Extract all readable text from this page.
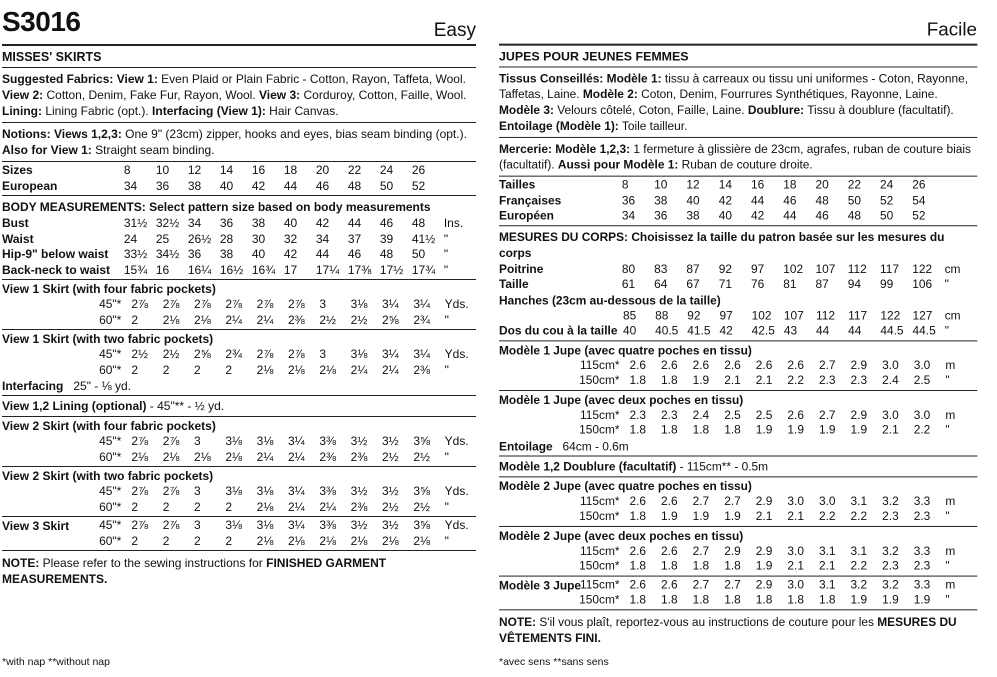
S3016	Easy
MISSES' SKIRTS
Suggested Fabrics: View 1: Even Plaid or Plain Fabric - Cotton, Rayon, Taffeta, Wool. View 2: Cotton, Denim, Fake Fur, Rayon, Wool. View 3: Corduroy, Cotton, Faille, Wool. Lining: Lining Fabric (opt.). Interfacing (View 1): Hair Canvas.
Notions: Views 1,2,3: One 9" (23cm) zipper, hooks and eyes, bias seam binding (opt.). Also for View 1: Straight seam binding.
Sizes	8	10	12	14	16	18	20	22	24	26	
European	34	36	38	40	42	44	46	48	50	52	
BODY MEASUREMENTS: Select pattern size based on body measurements
Bust	31½	32½	34	36	38	40	42	44	46	48	Ins.
Waist	24	25	26½	28	30	32	34	37	39	41½	"
Hip-9" below waist	33½	34½	36	38	40	42	44	46	48	50	"
Back-neck to waist	15¾	16	16¼	16½	16¾	17	17¼	17⅜	17½	17¾	"
View 1 Skirt (with four fabric pockets)
45"*	2⅞	2⅞	2⅞	2⅞	2⅞	2⅞	3	3⅛	3¼	3¼	Yds.
60"*	2	2⅛	2⅛	2¼	2¼	2⅜	2½	2½	2⅝	2¾	"
View 1 Skirt (with two fabric pockets)
45"*	2½	2½	2⅝	2¾	2⅞	2⅞	3	3⅛	3¼	3¼	Yds.
60"*	2	2	2	2	2⅛	2⅛	2⅛	2¼	2¼	2⅜	"
Interfacing 25" - ⅛ yd.
View 1,2 Lining (optional) - 45"** - ½ yd.
View 2 Skirt (with four fabric pockets)
45"*	2⅞	2⅞	3	3⅛	3⅛	3¼	3⅜	3½	3½	3⅝	Yds.
60"*	2⅛	2⅛	2⅛	2⅛	2¼	2¼	2⅜	2⅜	2½	2½	"
View 2 Skirt (with two fabric pockets)
45"*	2⅞	2⅞	3	3⅛	3⅛	3¼	3⅜	3½	3½	3⅝	Yds.
60"*	2	2	2	2	2⅛	2¼	2¼	2⅜	2½	2½	"
View 3 Skirt 45"*	2⅞	2⅞	3	3⅛	3⅛	3¼	3⅜	3½	3½	3⅝	Yds.
60"*	2	2	2	2	2⅛	2⅛	2⅛	2⅛	2⅛	2⅛	"
NOTE: Please refer to the sewing instructions for FINISHED GARMENT MEASUREMENTS.
Facile
JUPES POUR JEUNES FEMMES
Tissus Conseillés: Modèle 1: tissu à carreaux ou tissu uni uniformes - Coton, Rayonne, Taffetas, Laine. Modèle 2: Coton, Denim, Fourrures Synthétiques, Rayonne, Laine. Modèle 3: Velours côtelé, Coton, Faille, Laine. Doublure: Tissu à doublure (facultatif). Entoilage (Modèle 1): Toile tailleur.
Mercerie: Modèle 1,2,3: 1 fermeture à glissière de 23cm, agrafes, ruban de couture biais (facultatif). Aussi pour Modèle 1: Ruban de couture droite.
Tailles	8	10	12	14	16	18	20	22	24	26	
Françaises	36	38	40	42	44	46	48	50	52	54	
Européen	34	36	38	40	42	44	46	48	50	52	
MESURES DU CORPS: Choisissez la taille du patron basée sur les mesures du corps
Poitrine	80	83	87	92	97	102	107	112	117	122	cm
Taille	61	64	67	71	76	81	87	94	99	106	"
Hanches (23cm au-dessous de la taille)
	85	88	92	97	102	107	112	117	122	127	cm
Dos du cou à la taille	40	40.5	41.5	42	42.5	43	44	44	44.5	44.5	"
Modèle 1 Jupe (avec quatre poches en tissu)
115cm*	2.6	2.6	2.6	2.6	2.6	2.6	2.7	2.9	3.0	3.0	m
150cm*	1.8	1.8	1.9	2.1	2.1	2.2	2.3	2.3	2.4	2.5	"
Modèle 1 Jupe (avec deux poches en tissu)
115cm*	2.3	2.3	2.4	2.5	2.5	2.6	2.7	2.9	3.0	3.0	m
150cm*	1.8	1.8	1.8	1.8	1.9	1.9	1.9	1.9	2.1	2.2	"
Entoilage 64cm - 0.6m
Modèle 1,2 Doublure (facultatif) - 115cm** - 0.5m
Modèle 2 Jupe (avec quatre poches en tissu)
115cm*	2.6	2.6	2.7	2.7	2.9	3.0	3.0	3.1	3.2	3.3	m
150cm*	1.8	1.9	1.9	1.9	2.1	2.1	2.2	2.2	2.3	2.3	"
Modèle 2 Jupe (avec deux poches en tissu)
115cm*	2.6	2.6	2.7	2.9	2.9	3.0	3.1	3.1	3.2	3.3	m
150cm*	1.8	1.8	1.8	1.8	1.9	2.1	2.1	2.2	2.3	2.3	"
Modèle 3 Jupe
115cm*	2.6	2.6	2.7	2.7	2.9	3.0	3.1	3.2	3.2	3.3	m
150cm*	1.8	1.8	1.8	1.8	1.8	1.8	1.8	1.9	1.9	1.9	"
NOTE: S'il vous plaît, reportez-vous au instructions de couture pour les MESURES DU VÊTEMENTS FINI.
*with nap **without nap	*avec sens **sans sens
